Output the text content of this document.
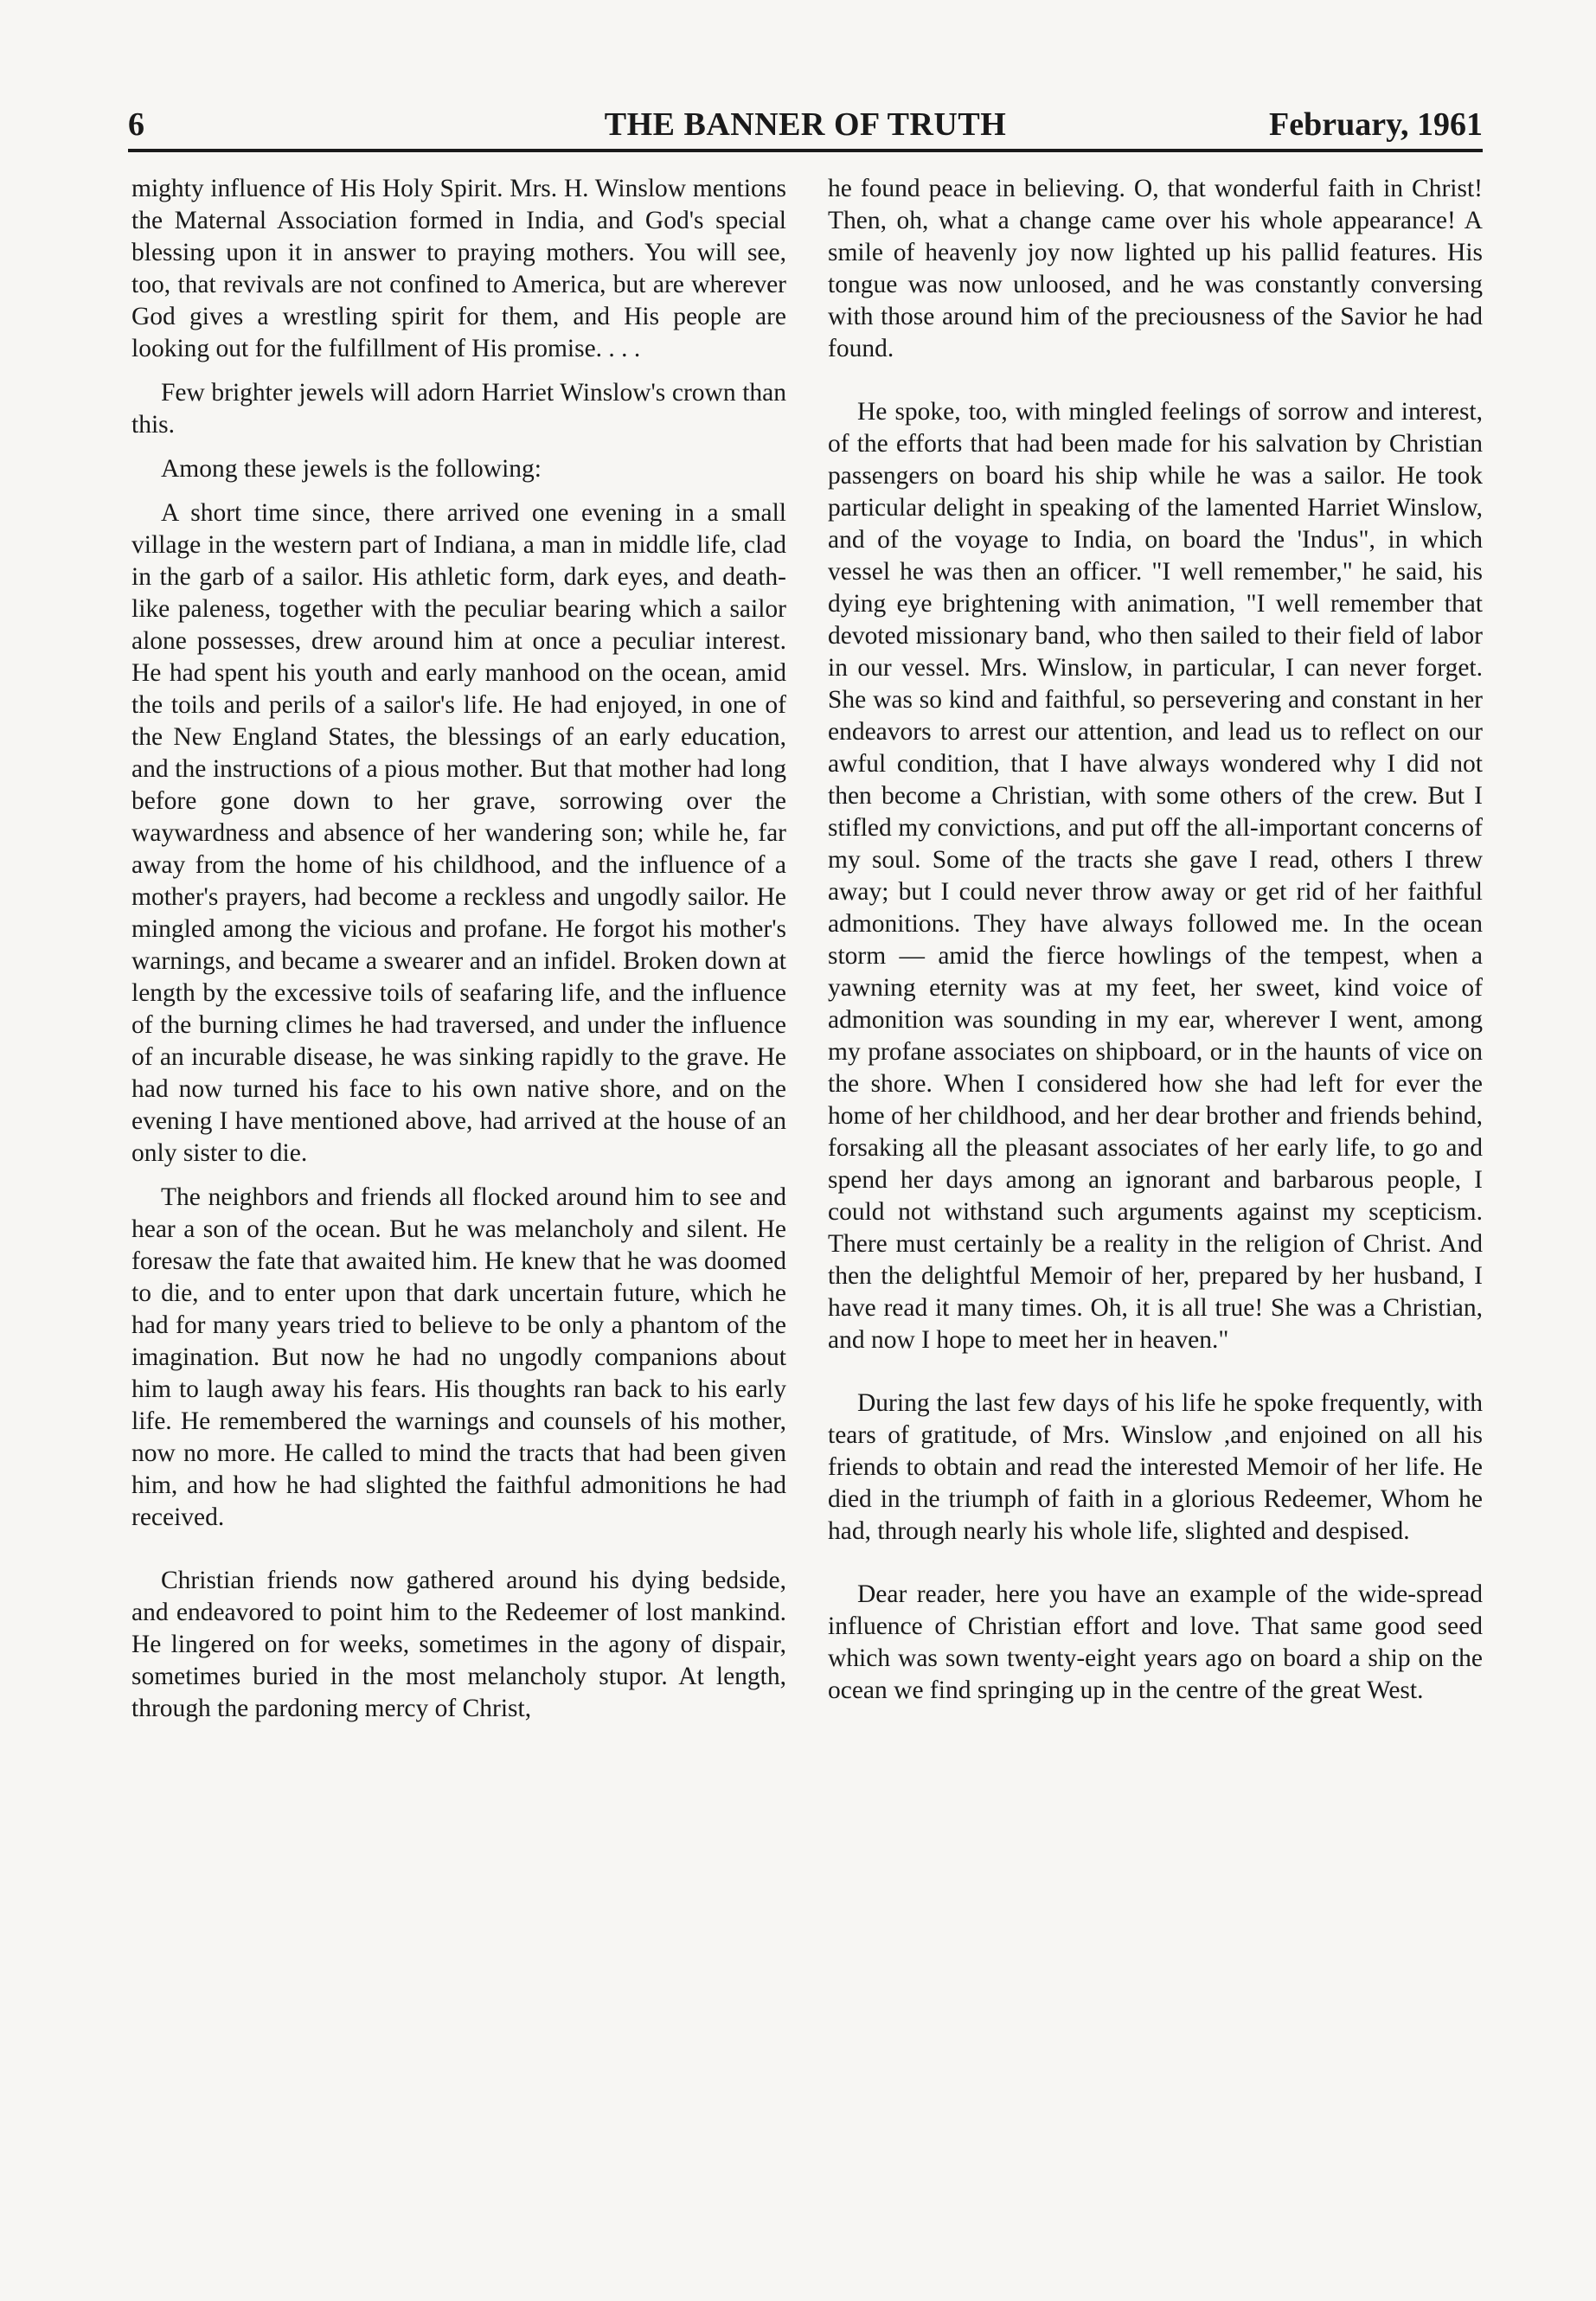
6	THE BANNER OF TRUTH	February, 1961

mighty influence of His Holy Spirit. Mrs. H. Winslow mentions the Maternal Association formed in India, and God's special blessing upon it in answer to praying mothers. You will see, too, that revivals are not confined to America, but are wherever God gives a wrestling spirit for them, and His people are looking out for the fulfillment of His promise. . . .

Few brighter jewels will adorn Harriet Winslow's crown than this.

Among these jewels is the following:

A short time since, there arrived one evening in a small village in the western part of Indiana, a man in middle life, clad in the garb of a sailor. His athletic form, dark eyes, and death-like paleness, together with the peculiar bearing which a sailor alone possesses, drew around him at once a peculiar interest. He had spent his youth and early manhood on the ocean, amid the toils and perils of a sailor's life. He had enjoyed, in one of the New England States, the blessings of an early education, and the instructions of a pious mother. But that mother had long before gone down to her grave, sorrowing over the waywardness and absence of her wandering son; while he, far away from the home of his childhood, and the influence of a mother's prayers, had become a reckless and ungodly sailor. He mingled among the vicious and profane. He forgot his mother's warnings, and became a swearer and an infidel. Broken down at length by the excessive toils of seafaring life, and the influence of the burning climes he had traversed, and under the influence of an incurable disease, he was sinking rapidly to the grave. He had now turned his face to his own native shore, and on the evening I have mentioned above, had arrived at the house of an only sister to die.

The neighbors and friends all flocked around him to see and hear a son of the ocean. But he was melancholy and silent. He foresaw the fate that awaited him. He knew that he was doomed to die, and to enter upon that dark uncertain future, which he had for many years tried to believe to be only a phantom of the imagination. But now he had no ungodly companions about him to laugh away his fears. His thoughts ran back to his early life. He remembered the warnings and counsels of his mother, now no more. He called to mind the tracts that had been given him, and how he had slighted the faithful admonitions he had received.

Christian friends now gathered around his dying bedside, and endeavored to point him to the Redeemer of lost mankind. He lingered on for weeks, sometimes in the agony of dispair, sometimes buried in the most melancholy stupor. At length, through the pardoning mercy of Christ,

he found peace in believing. O, that wonderful faith in Christ! Then, oh, what a change came over his whole appearance! A smile of heavenly joy now lighted up his pallid features. His tongue was now unloosed, and he was constantly conversing with those around him of the preciousness of the Savior he had found.

He spoke, too, with mingled feelings of sorrow and interest, of the efforts that had been made for his salvation by Christian passengers on board his ship while he was a sailor. He took particular delight in speaking of the lamented Harriet Winslow, and of the voyage to India, on board the 'Indus", in which vessel he was then an officer. "I well remember," he said, his dying eye brightening with animation, "I well remember that devoted missionary band, who then sailed to their field of labor in our vessel. Mrs. Winslow, in particular, I can never forget. She was so kind and faithful, so persevering and constant in her endeavors to arrest our attention, and lead us to reflect on our awful condition, that I have always wondered why I did not then become a Christian, with some others of the crew. But I stifled my convictions, and put off the all-important concerns of my soul. Some of the tracts she gave I read, others I threw away; but I could never throw away or get rid of her faithful admonitions. They have always followed me. In the ocean storm — amid the fierce howlings of the tempest, when a yawning eternity was at my feet, her sweet, kind voice of admonition was sounding in my ear, wherever I went, among my profane associates on shipboard, or in the haunts of vice on the shore. When I considered how she had left for ever the home of her childhood, and her dear brother and friends behind, forsaking all the pleasant associates of her early life, to go and spend her days among an ignorant and barbarous people, I could not withstand such arguments against my scepticism. There must certainly be a reality in the religion of Christ. And then the delightful Memoir of her, prepared by her husband, I have read it many times. Oh, it is all true! She was a Christian, and now I hope to meet her in heaven."

During the last few days of his life he spoke frequently, with tears of gratitude, of Mrs. Winslow ,and enjoined on all his friends to obtain and read the interested Memoir of her life. He died in the triumph of faith in a glorious Redeemer, Whom he had, through nearly his whole life, slighted and despised.

Dear reader, here you have an example of the wide-spread influence of Christian effort and love. That same good seed which was sown twenty-eight years ago on board a ship on the ocean we find springing up in the centre of the great West.
